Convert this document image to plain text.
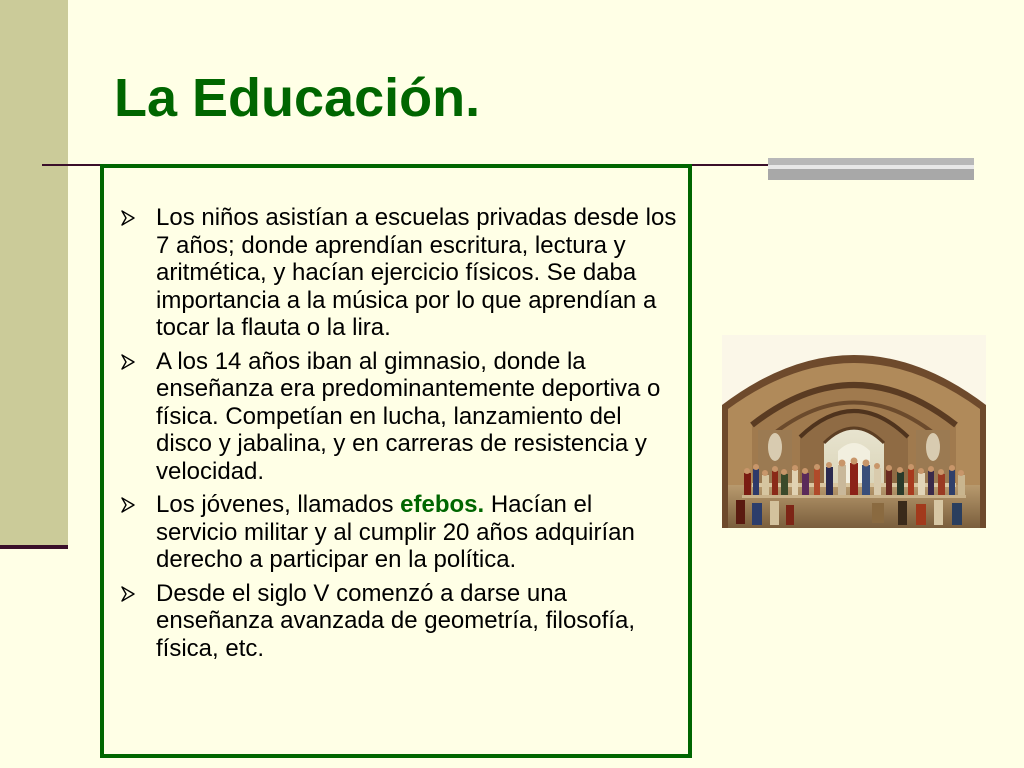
La Educación.
Los niños asistían a escuelas privadas desde los 7 años; donde aprendían escritura, lectura y aritmética, y hacían ejercicio físicos. Se daba importancia a la música por lo que aprendían a tocar la flauta o la lira.
A los 14 años iban al gimnasio, donde la enseñanza era predominantemente deportiva o física. Competían en lucha, lanzamiento del disco y jabalina, y en carreras de resistencia y velocidad.
Los jóvenes, llamados efebos. Hacían el servicio militar y al cumplir 20 años adquirían derecho a participar en la política.
Desde el siglo V comenzó a darse una enseñanza avanzada de geometría, filosofía, física, etc.
